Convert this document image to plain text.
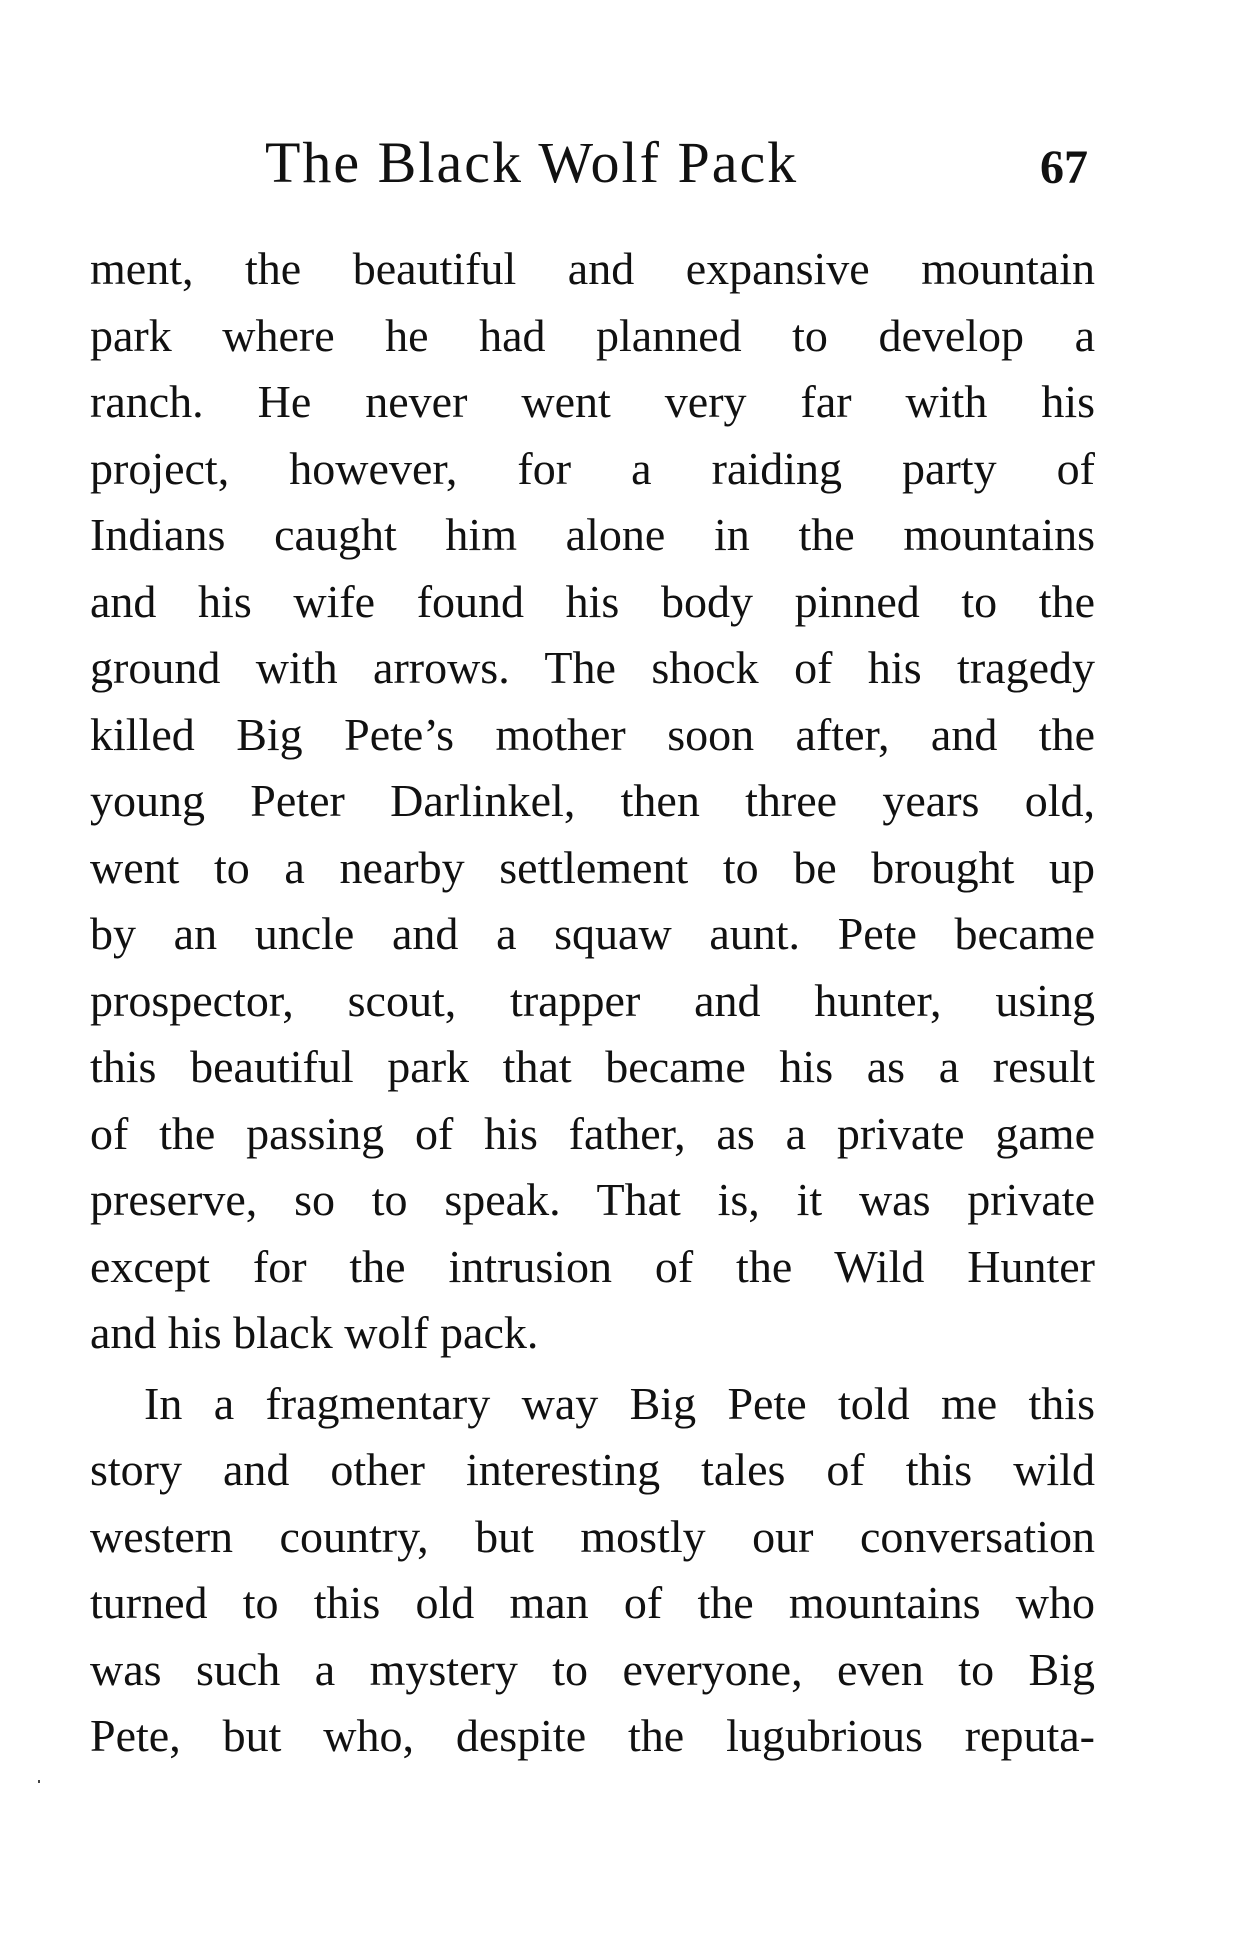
The Black Wolf Pack	67
ment, the beautiful and expansive mountain
park where he had planned to develop a
ranch. He never went very far with his
project, however, for a raiding party of
Indians caught him alone in the mountains
and his wife found his body pinned to the
ground with arrows. The shock of his tragedy
killed Big Pete’s mother soon after, and the
young Peter Darlinkel, then three years old,
went to a nearby settlement to be brought up
by an uncle and a squaw aunt. Pete became
prospector, scout, trapper and hunter, using
this beautiful park that became his as a result
of the passing of his father, as a private game
preserve, so to speak. That is, it was private
except for the intrusion of the Wild Hunter
and his black wolf pack.
In a fragmentary way Big Pete told me this
story and other interesting tales of this wild
western country, but mostly our conversation
turned to this old man of the mountains who
was such a mystery to everyone, even to Big
Pete, but who, despite the lugubrious reputa-
